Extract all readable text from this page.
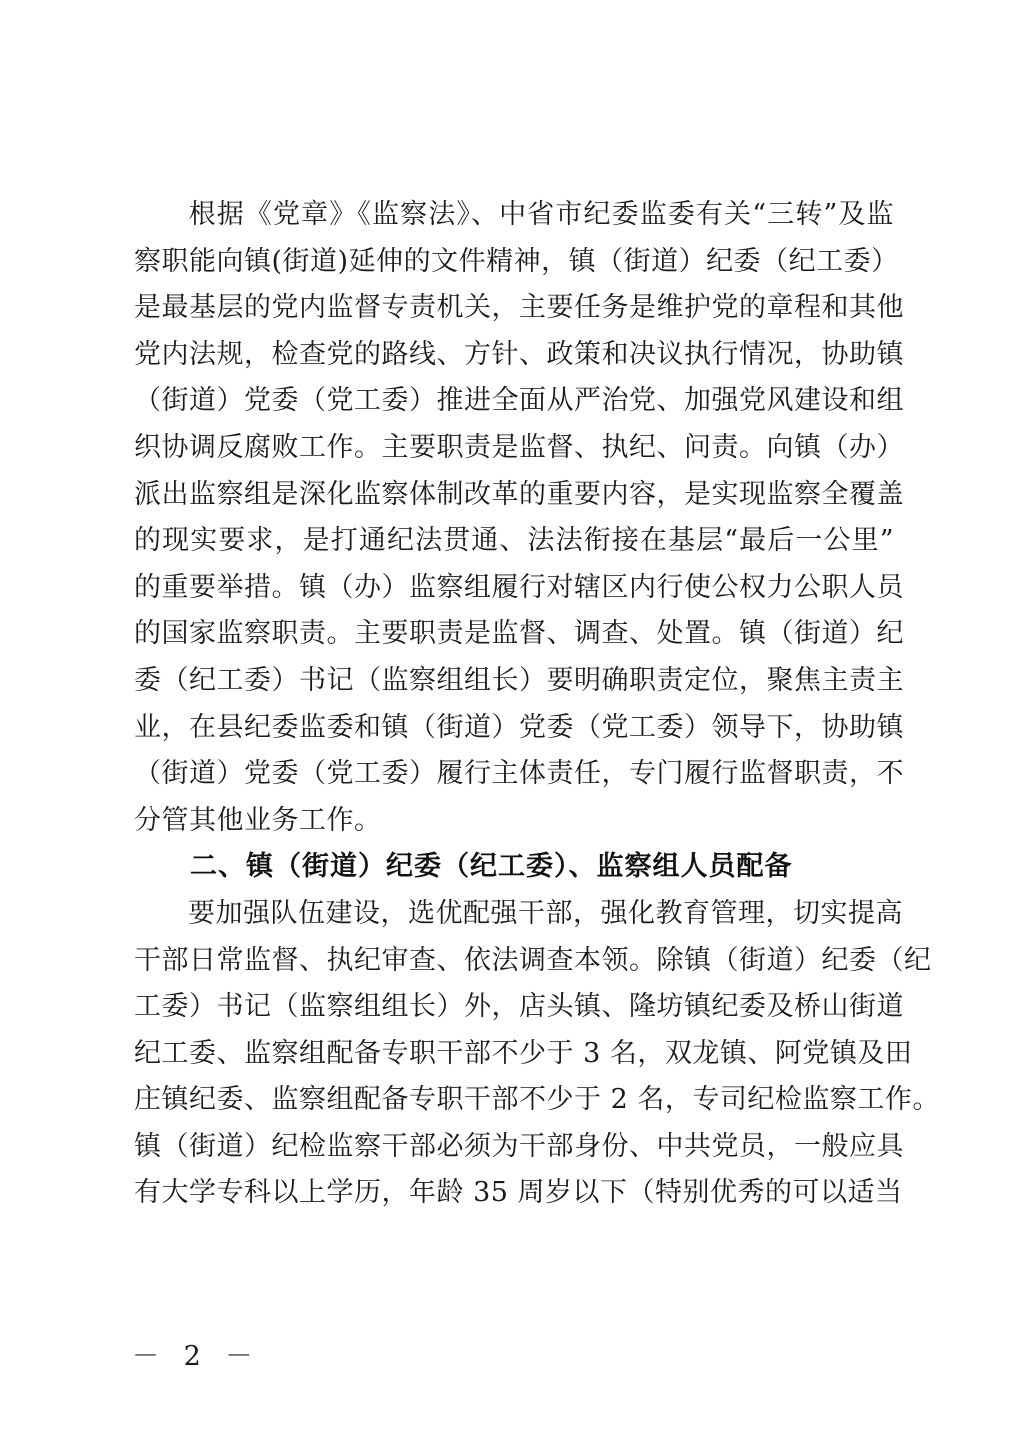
根据《党章》《监察法》、中省市纪委监委有关“三转”及监
察职能向镇(街道)延伸的文件精神，镇（街道）纪委（纪工委）
是最基层的党内监督专责机关，主要任务是维护党的章程和其他
党内法规，检查党的路线、方针、政策和决议执行情况，协助镇
（街道）党委（党工委）推进全面从严治党、加强党风建设和组
织协调反腐败工作。主要职责是监督、执纪、问责。向镇（办）
派出监察组是深化监察体制改革的重要内容，是实现监察全覆盖
的现实要求，是打通纪法贯通、法法衔接在基层“最后一公里”
的重要举措。镇（办）监察组履行对辖区内行使公权力公职人员
的国家监察职责。主要职责是监督、调查、处置。镇（街道）纪
委（纪工委）书记（监察组组长）要明确职责定位，聚焦主责主
业，在县纪委监委和镇（街道）党委（党工委）领导下，协助镇
（街道）党委（党工委）履行主体责任，专门履行监督职责，不
分管其他业务工作。
二、镇（街道）纪委（纪工委）、监察组人员配备
要加强队伍建设，选优配强干部，强化教育管理，切实提高
干部日常监督、执纪审查、依法调查本领。除镇（街道）纪委（纪
工委）书记（监察组组长）外，店头镇、隆坊镇纪委及桥山街道
纪工委、监察组配备专职干部不少于 3 名，双龙镇、阿党镇及田
庄镇纪委、监察组配备专职干部不少于 2 名，专司纪检监察工作。
镇（街道）纪检监察干部必须为干部身份、中共党员，一般应具
有大学专科以上学历，年龄 35 周岁以下（特别优秀的可以适当
－ 2 －
